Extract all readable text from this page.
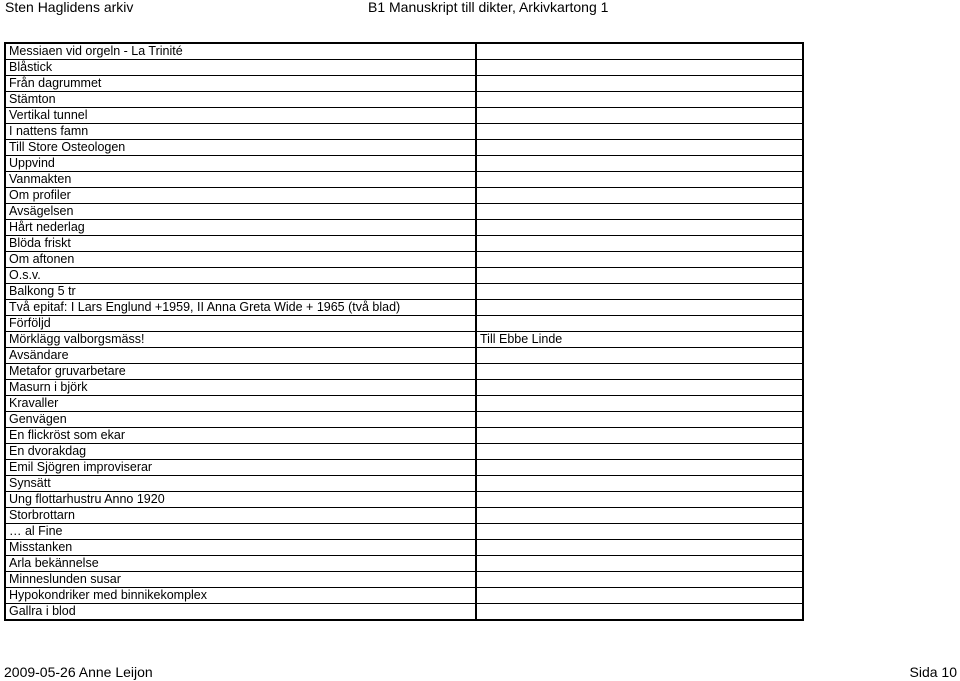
Sten Haglidens arkiv	B1 Manuskript till dikter, Arkivkartong 1
Messiaen vid orgeln - La Trinité	
Blåstick	
Från dagrummet	
Stämton	
Vertikal tunnel	
I nattens famn	
Till Store Osteologen	
Uppvind	
Vanmakten	
Om profiler	
Avsägelsen	
Hårt nederlag	
Blöda friskt	
Om aftonen	
O.s.v.	
Balkong 5 tr	
Två epitaf: I Lars Englund +1959, II Anna Greta Wide + 1965 (två blad)	
Förföljd	
Mörklägg valborgsmäss!	Till Ebbe Linde
Avsändare	
Metafor gruvarbetare	
Masurn i björk	
Kravaller	
Genvägen	
En flickröst som ekar	
En dvorakdag	
Emil Sjögren improviserar	
Synsätt	
Ung flottarhustru Anno 1920	
Storbrottarn	
… al Fine	
Misstanken	
Arla bekännelse	
Minneslunden susar	
Hypokondriker med binnikekomplex	
Gallra i blod	
2009-05-26 Anne Leijon	Sida 10
